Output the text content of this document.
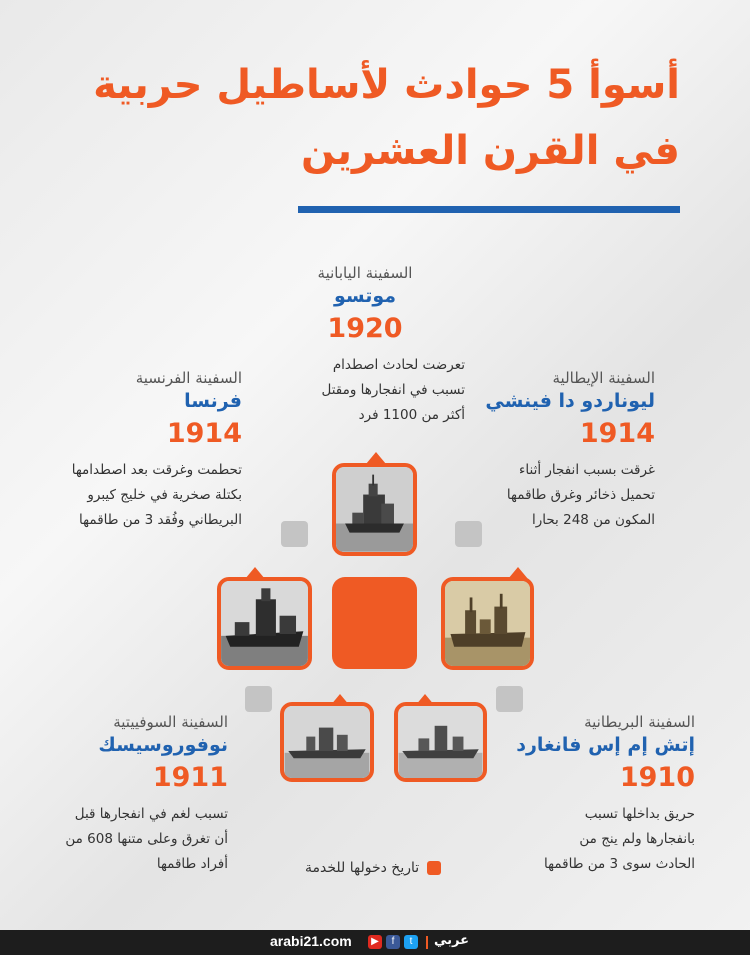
أسوأ 5 حوادث لأساطيل حربية
في القرن العشرين
السفينة اليابانية
موتسو
1920
تعرضت لحادث اصطدام
تسبب في انفجارها ومقتل
أكثر من 1100 فرد
السفينة الفرنسية
فرنسا
1914
تحطمت وغرقت بعد اصطدامها
بكتلة صخرية في خليج كيبرو
البريطاني وفُقد 3 من طاقمها
السفينة الإيطالية
ليوناردو دا فينشي
1914
غرقت بسبب انفجار أثناء
تحميل ذخائر وغرق طاقمها
المكون من 248 بحارا
السفينة السوفييتية
نوفوروسيسك
1911
تسبب لغم في انفجارها قبل
أن تغرق وعلى متنها 608 من
أفراد طاقمها
السفينة البريطانية
إتش إم إس فانغارد
1910
حريق بداخلها تسبب
بانفجارها ولم ينج من
الحادث سوى 3 من طاقمها
تاريخ دخولها للخدمة
arabi21.com	▶	f	t	عربي
